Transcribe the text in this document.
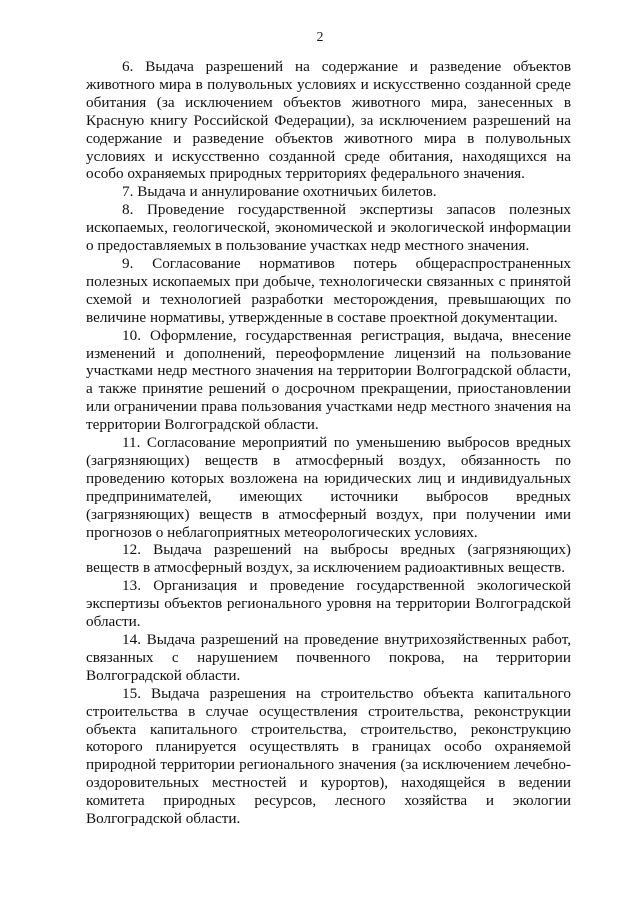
2

6. Выдача разрешений на содержание и разведение объектов животного мира в полувольных условиях и искусственно созданной среде обитания (за исключением объектов животного мира, занесенных в Красную книгу Российской Федерации), за исключением разрешений на содержание и разведение объектов животного мира в полувольных условиях и искусственно созданной среде обитания, находящихся на особо охраняемых природных территориях федерального значения.

7. Выдача и аннулирование охотничьих билетов.

8. Проведение государственной экспертизы запасов полезных ископаемых, геологической, экономической и экологической информации о предоставляемых в пользование участках недр местного значения.

9. Согласование нормативов потерь общераспространенных полезных ископаемых при добыче, технологически связанных с принятой схемой и технологией разработки месторождения, превышающих по величине нормативы, утвержденные в составе проектной документации.

10. Оформление, государственная регистрация, выдача, внесение изменений и дополнений, переоформление лицензий на пользование участками недр местного значения на территории Волгоградской области, а также принятие решений о досрочном прекращении, приостановлении или ограничении права пользования участками недр местного значения на территории Волгоградской области.

11. Согласование мероприятий по уменьшению выбросов вредных (загрязняющих) веществ в атмосферный воздух, обязанность по проведению которых возложена на юридических лиц и индивидуальных предпринимателей, имеющих источники выбросов вредных (загрязняющих) веществ в атмосферный воздух, при получении ими прогнозов о неблагоприятных метеорологических условиях.

12. Выдача разрешений на выбросы вредных (загрязняющих) веществ в атмосферный воздух, за исключением радиоактивных веществ.

13. Организация и проведение государственной экологической экспертизы объектов регионального уровня на территории Волгоградской области.

14. Выдача разрешений на проведение внутрихозяйственных работ, связанных с нарушением почвенного покрова, на территории Волгоградской области.

15. Выдача разрешения на строительство объекта капитального строительства в случае осуществления строительства, реконструкции объекта капитального строительства, строительство, реконструкцию которого планируется осуществлять в границах особо охраняемой природной территории регионального значения (за исключением лечебно-оздоровительных местностей и курортов), находящейся в ведении комитета природных ресурсов, лесного хозяйства и экологии Волгоградской области.
